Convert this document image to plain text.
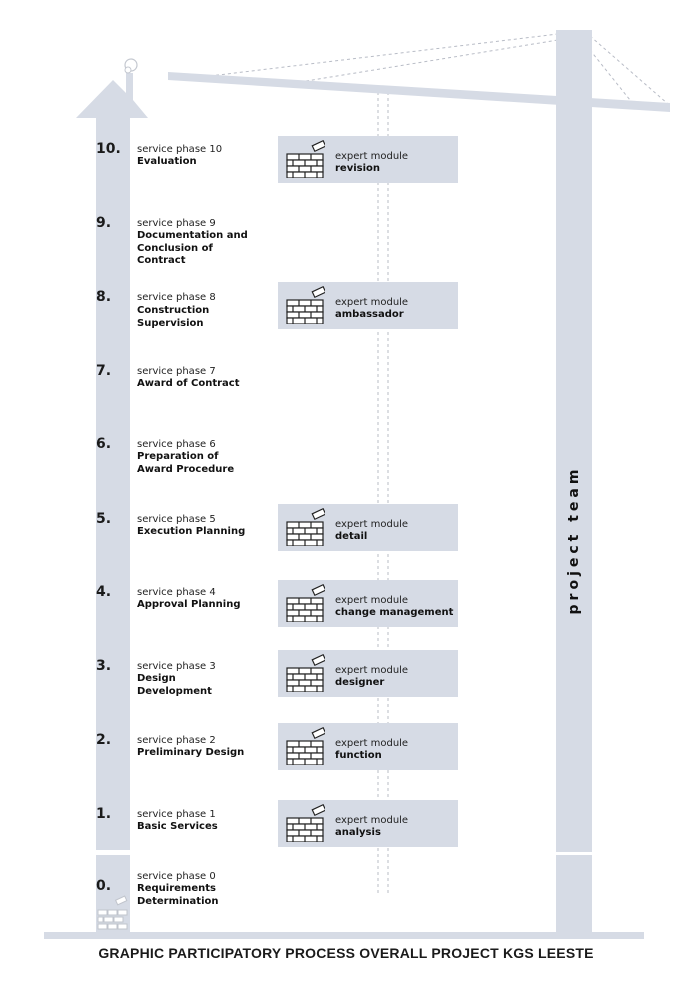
10.	service phase 10
Evaluation
9.	service phase 9
Documentation and Conclusion of Contract
8.	service phase 8
Construction Supervision
7.	service phase 7
Award of Contract
6.	service phase 6
Preparation of Award Procedure
5.	service phase 5
Execution Planning
4.	service phase 4
Approval Planning
3.	service phase 3
Design Development
2.	service phase 2
Preliminary Design
1.	service phase 1
Basic Services
0.
service phase 0
Requirements Determination
expert module
revision
expert module
ambassador
expert module
detail
expert module
change management
expert module
designer
expert module
function
expert module
analysis
project team
GRAPHIC PARTICIPATORY PROCESS OVERALL PROJECT KGS LEESTE
